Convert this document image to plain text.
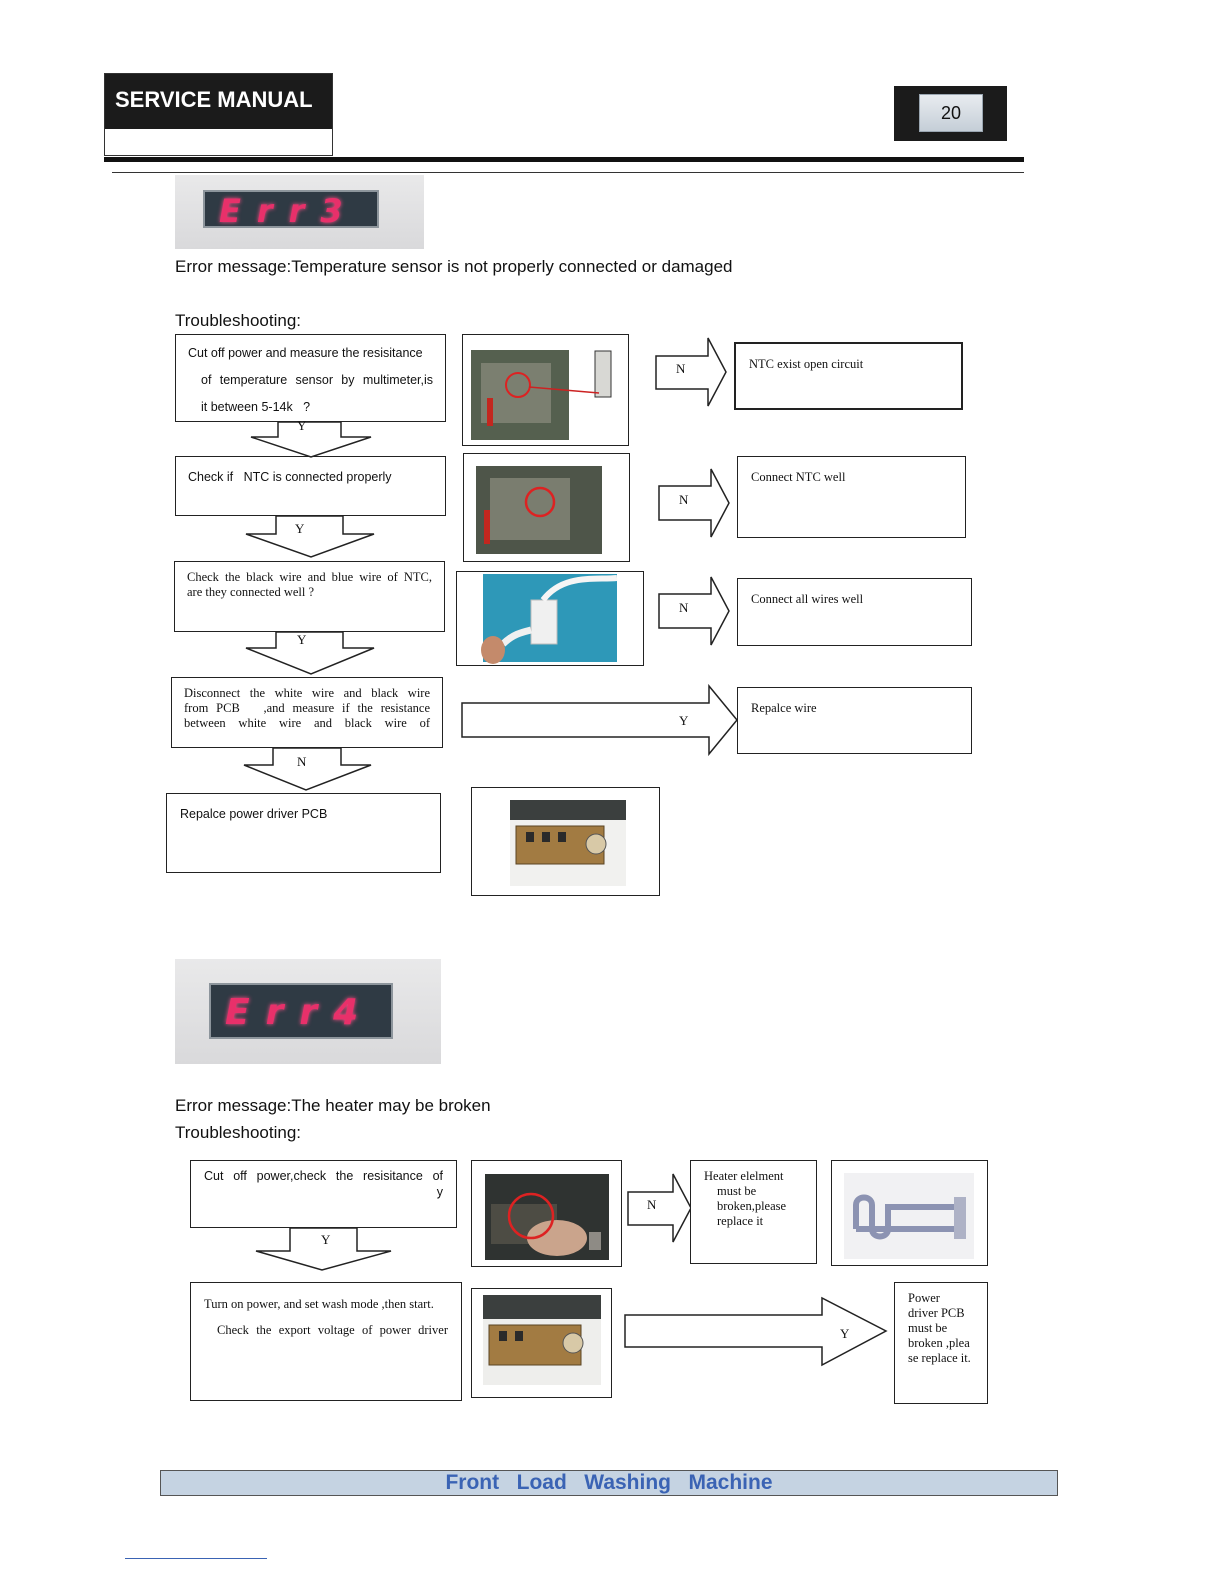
SERVICE MANUAL
20
Err3
Error message:Temperature sensor is not properly connected or damaged
Troubleshooting:
Cut off power and measure the resisitance
of temperature sensor by multimeter,is
it between 5-14k   ?
Check if   NTC is connected properly
Check the black wire and blue wire of NTC,
are they connected well ?
Disconnect the white wire and black wire
from PCB   ,and measure if the resistance
between white wire and black wire of
Repalce power driver PCB
Y
Y
Y
N
N
N
N
Y
NTC exist open circuit
Connect NTC well
Connect all wires well
Repalce wire
Err4
Error message:The heater may be broken
Troubleshooting:
Cut off power,check the resisitance of
y
Y
Turn on power, and set wash mode ,then start.
Check the export voltage of power driver
N
Y
Heater elelment
must be
broken,please
replace it
Power
driver PCB
must be
broken ,plea
se replace it.
Front   Load   Washing   Machine
